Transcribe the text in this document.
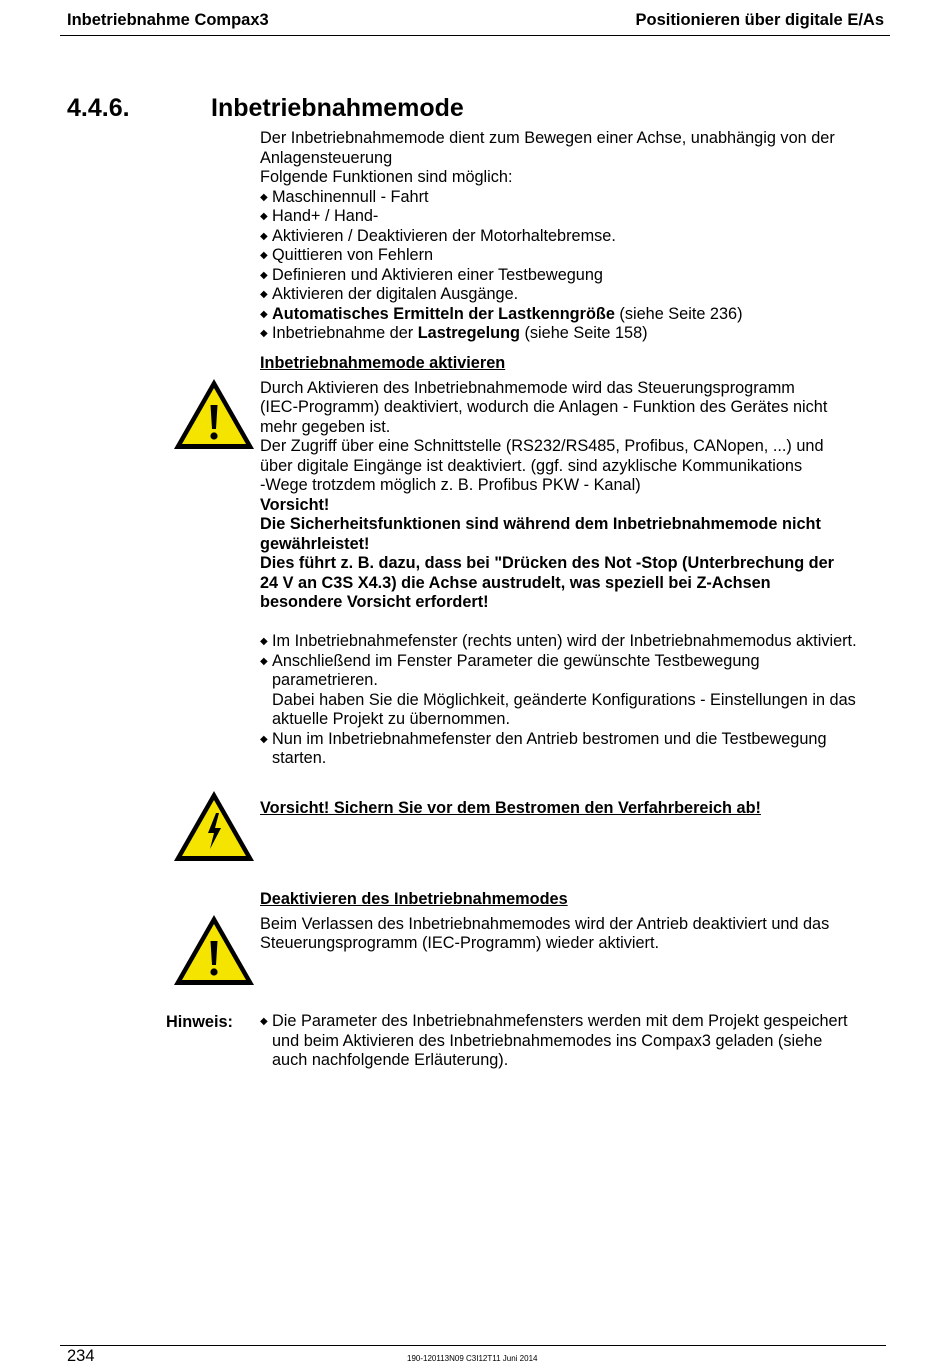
Inbetriebnahme Compax3	Positionieren über digitale E/As
4.4.6.	Inbetriebnahmemode

Der Inbetriebnahmemode dient zum Bewegen einer Achse, unabhängig von der

Anlagensteuerung

Folgende Funktionen sind möglich:

◆ Maschinennull - Fahrt
◆ Hand+ / Hand-
◆ Aktivieren / Deaktivieren der Motorhaltebremse.
◆ Quittieren von Fehlern
◆ Definieren und Aktivieren einer Testbewegung
◆ Aktivieren der digitalen Ausgänge.
◆ Automatisches Ermitteln der Lastkenngröße (siehe Seite 236)
◆ Inbetriebnahme der Lastregelung (siehe Seite 158)

Inbetriebnahmemode aktivieren

Durch Aktivieren des Inbetriebnahmemode wird das Steuerungsprogramm

(IEC-Programm) deaktiviert, wodurch die Anlagen - Funktion des Gerätes nicht

mehr gegeben ist.

Der Zugriff über eine Schnittstelle (RS232/RS485, Profibus, CANopen, ...) und

über digitale Eingänge ist deaktiviert. (ggf. sind azyklische Kommunikations

-Wege trotzdem möglich z. B. Profibus PKW - Kanal)

Vorsicht!

Die Sicherheitsfunktionen sind während dem Inbetriebnahmemode nicht

gewährleistet!

Dies führt z. B. dazu, dass bei "Drücken des Not -Stop (Unterbrechung der

24 V an C3S X4.3) die Achse austrudelt, was speziell bei Z-Achsen

besondere Vorsicht erfordert!

◆ Im Inbetriebnahmefenster (rechts unten) wird der Inbetriebnahmemodus aktiviert.
◆ Anschließend im Fenster Parameter die gewünschte Testbewegung
parametrieren.
Dabei haben Sie die Möglichkeit, geänderte Konfigurations - Einstellungen in das
aktuelle Projekt zu übernommen.
◆ Nun im Inbetriebnahmefenster den Antrieb bestromen und die Testbewegung
starten.
Vorsicht! Sichern Sie vor dem Bestromen den Verfahrbereich ab!

Deaktivieren des Inbetriebnahmemodes

Beim Verlassen des Inbetriebnahmemodes wird der Antrieb deaktiviert und das

Steuerungsprogramm (IEC-Programm) wieder aktiviert.

Hinweis:
◆	Die Parameter des Inbetriebnahmefensters werden mit dem Projekt gespeichert
und beim Aktivieren des Inbetriebnahmemodes ins Compax3 geladen (siehe
auch nachfolgende Erläuterung).
234	190-120113N09 C3I12T11 Juni 2014
